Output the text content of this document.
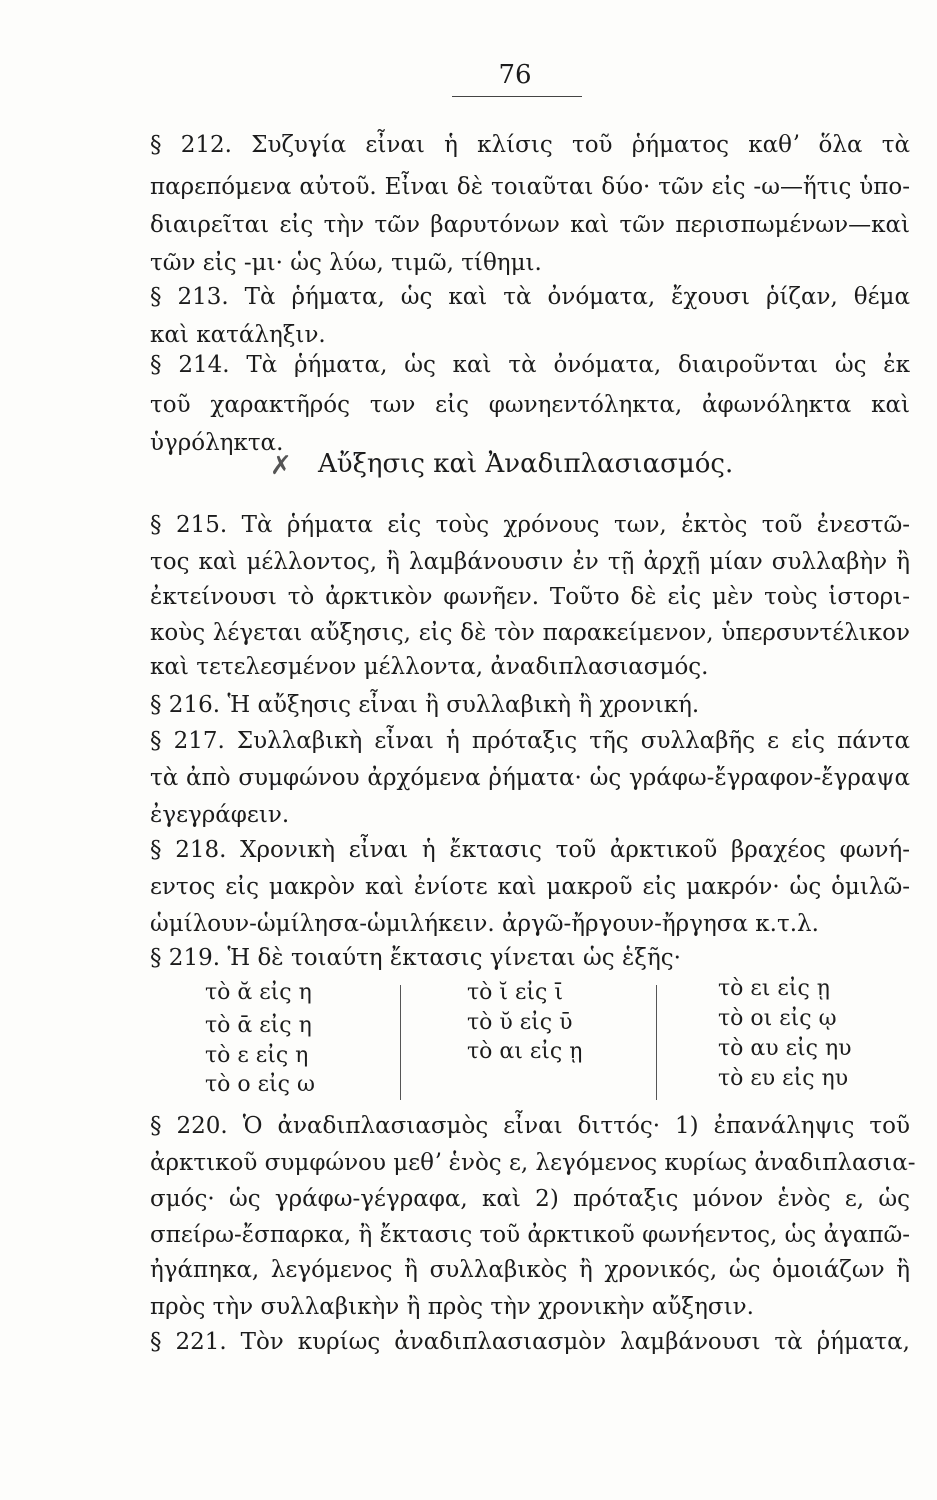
76
§ 212. Συζυγία εἶναι ἡ κλίσις τοῦ ῥήματος καθʼ ὅλα τὰ
παρεπόμενα αὐτοῦ. Εἶναι δὲ τοιαῦται δύο· τῶν εἰς -ω—ἥτις ὑπο-
διαιρεῖται εἰς τὴν τῶν βαρυτόνων καὶ τῶν περισπωμένων—καὶ
τῶν εἰς -μι· ὡς λύω, τιμῶ, τίθημι.
§ 213. Τὰ ῥήματα, ὡς καὶ τὰ ὀνόματα, ἔχουσι ῥίζαν, θέμα
καὶ κατάληξιν.
§ 214. Τὰ ῥήματα, ὡς καὶ τὰ ὀνόματα, διαιροῦνται ὡς ἐκ
τοῦ χαρακτῆρός των εἰς φωνηεντόληκτα, ἀφωνόληκτα καὶ
ὑγρόληκτα.
✗ Αὔξησις καὶ Ἀναδιπλασιασμός.
§ 215. Τὰ ῥήματα εἰς τοὺς χρόνους των, ἐκτὸς τοῦ ἐνεστῶ-
τος καὶ μέλλοντος, ἢ λαμβάνουσιν ἐν τῇ ἀρχῇ μίαν συλλαβὴν ἢ
ἐκτείνουσι τὸ ἀρκτικὸν φωνῆεν. Τοῦτο δὲ εἰς μὲν τοὺς ἱστορι-
κοὺς λέγεται αὔξησις, εἰς δὲ τὸν παρακείμενον, ὑπερσυντέλικον
καὶ τετελεσμένον μέλλοντα, ἀναδιπλασιασμός.
§ 216. Ἡ αὔξησις εἶναι ἢ συλλαβικὴ ἢ χρονική.
§ 217. Συλλαβικὴ εἶναι ἡ πρόταξις τῆς συλλαβῆς ε εἰς πάντα
τὰ ἀπὸ συμφώνου ἀρχόμενα ῥήματα· ὡς γράφω-ἔγραφον-ἔγραψα
ἐγεγράφειν.
§ 218. Χρονικὴ εἶναι ἡ ἔκτασις τοῦ ἀρκτικοῦ βραχέος φωνή-
εντος εἰς μακρὸν καὶ ἐνίοτε καὶ μακροῦ εἰς μακρόν· ὡς ὁμιλῶ-
ὡμίλουν-ὡμίλησα-ὡμιλήκειν. ἀργῶ-ἤργουν-ἤργησα κ.τ.λ.
§ 219. Ἡ δὲ τοιαύτη ἔκτασις γίνεται ὡς ἑξῆς·
τὸ ᾰ εἰς η
τὸ ᾱ εἰς η
τὸ ε εἰς η
τὸ ο εἰς ω
τὸ ῐ εἰς ῑ
τὸ ῠ εἰς ῡ
τὸ αι εἰς ῃ
τὸ ει εἰς ῃ
τὸ οι εἰς ῳ
τὸ αυ εἰς ηυ
τὸ ευ εἰς ηυ
§ 220. Ὁ ἀναδιπλασιασμὸς εἶναι διττός· 1) ἐπανάληψις τοῦ
ἀρκτικοῦ συμφώνου μεθʼ ἑνὸς ε, λεγόμενος κυρίως ἀναδιπλασια-
σμός· ὡς γράφω-γέγραφα, καὶ 2) πρόταξις μόνον ἑνὸς ε, ὡς
σπείρω-ἔσπαρκα, ἢ ἔκτασις τοῦ ἀρκτικοῦ φωνήεντος, ὡς ἀγαπῶ-
ἠγάπηκα, λεγόμενος ἢ συλλαβικὸς ἢ χρονικός, ὡς ὁμοιάζων ἢ
πρὸς τὴν συλλαβικὴν ἢ πρὸς τὴν χρονικὴν αὔξησιν.
§ 221. Τὸν κυρίως ἀναδιπλασιασμὸν λαμβάνουσι τὰ ῥήματα,
